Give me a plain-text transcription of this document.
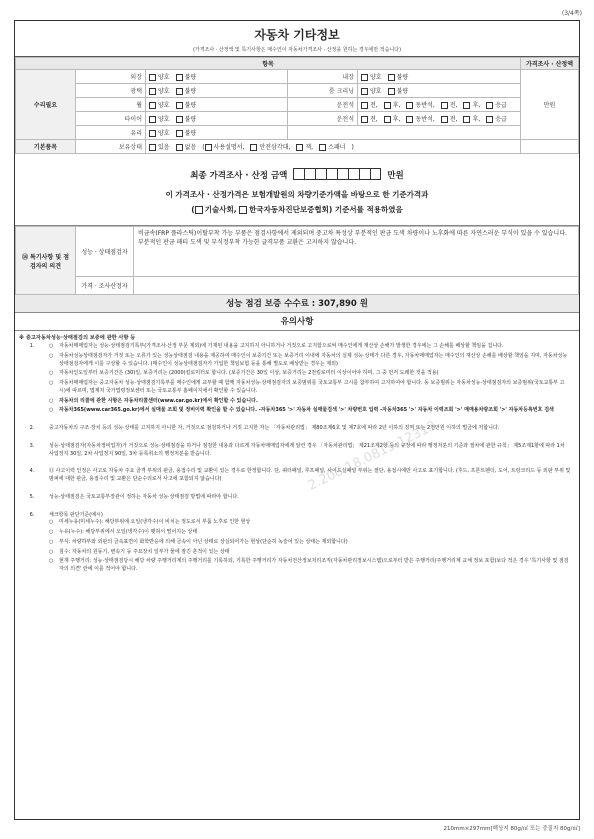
(3/4쪽)
자동차 기타정보
(가격조사 · 산정액 및 특기사항은 매수인이 자동차가격조사 · 산정을 원하는 경우에만 적습니다)
항목					가격조사 · 산정액
수리필요	외장	양호 불량	내장	양호 불량	만원
	광택	양호 불량	룸 크리닝	양호 불량	
	휠	양호 불량	운전석	전, 후, 동반석, 전, 후, 응급	
	타이어	양호 불량	운전석	전, 후, 동반석, 전, 후, 응급	
	유리	양호 불량			
기본품목	보유상태	있음 없음 ( 사용설명서, 안전삼각대, 잭, 스패너 )			
최종 가격조사 · 산정 금액	만원
이 가격조사 · 산정가격은 보험개발원의 차량기준가액을 바탕으로 한 기준가격과
( 기술사회, 한국자동차진단보증협회) 기준서를 적용하였음
⑭ 특기사항 및 점검자의 의견	성능 · 상태점검자	비금속(FRP 플라스틱)이탈부착 가능 부품은 점검사항에서 제외되며 중고차 특성상 부분적인 판금 도색 차량이나 노후화에 따른 자연스러운 부식이 있을 수 있습니다. 부분적인 판금 페티 도색 및 부식정부착 가능한 글격부품 교환은 고지하지 않습니다.
	가격 · 조사산정자	
성능 점검 보증 수수료 : 307,890 원
유의사항
※ 중고자동차성능·상태점검의 보증에 관한 사항 등
1.	○	자동차매매업자는 성능·상태점검기록부(가격조사·산정 부문 제외)에 기재된 내용을 고지하지 아니하거나 거짓으로 고지함으로써 매수인에게 재산상 손해가 발생한 경우에는 그 손해를 배상할 책임을 집니다.
○	자동차성능상태점검자가 거짓 또는 오류가 있는 성능상태점검 내용을 제공하여 매수인이 보증기간 또는 보증거리 이내에 자동차의 실제 성능·상태가 다른 경우, 자동차매매업자는 매수인의 재산상 손해를 배상할 책임을 지며, 자동차성능상태점검자에게 이를 구상할 수 있습니다. (매수인이 성능상태점검자가 가입한 책임보험 등을 통해 별도로 배상받는 경우는 제외)
○	자동차인도일부터 보증기간은 (30)일, 보증거리는 (2000)킬로미터로 합니다. (보증기간은 30일 이상, 보증거리는 2천킬로미터 이상이어야 하며, 그 중 먼저 도래한 것을 적용)
○	자동차매매업자는 중고자동차 성능·상태점검기록부를 매수인에게 교부할 때 함께 자동차성능·상태점검자의 보증범위를 국토교통부 고시를 참부하여 고지하여야 합니다. 동 보증범위는 자동차성능·상태점검자의 보증범위(국토교통부 고시)에 따르며, 법제처 국가법령정보센터 또는 국토교통부 홈페이지에서 확인할 수 있습니다.
○	자동차의 리콜에 관한 사항은 자동차리콜센터(www.car.go.kr)에서 확인할 수 있습니다.
○	자동차365(www.car365.go.kr)에서 실매물 조회 및 정비이력 확인을 할 수 있습니다. -자동차365 '>' 자동차 실매물검색 '>' 차량번호 입력 -자동차365 '>' 자동차 이력조회 '>' 매매용차량조회 '>' 자동차등록번호 검색
2.	중고자동차의 구조·장치 등의 성능·상태를 고지하지 아니한 자, 거짓으로 점검하거나 거짓 고지한 자는 「자동차관리법」 제80조제6호 및 제7호에 따라 2년 이하의 징역 또는 2천만원 이하의 벌금에 처합니다.
3.	성능·상태점검자(자동차정비업자)가 거짓으로 성능·상태점검을 하거나 점검한 내용과 다르게 자동차매매업자에게 알린 경우 「자동차관리법」 제21조제2항 등의 규정에 따라 행정처분의 기준과 절차에 관한 규칙」 제5조제1항에 따라 1차 사업정지 30일, 2차 사업정지 90일, 3차 등록취소의 행정처분을 받습니다.
4.	⑪ 사고이력 인정은 사고로 자동차 주요 골격 부위의 판금, 용접수리 및 교환이 있는 경우로 한정합니다. 단, 쿼터패널, 루프패널, 사이드실패널 부위는 절단, 용접시에만 사고로 표기합니다. (후드, 프론트펜더, 도어, 트렁크리드 등 외판 부위 및 범퍼에 대한 판금, 용접수리 및 교환은 단순수리로서 사고에 포함되지 않습니다)
5.	성능·상태점검은 국토교통부장관이 정하는 자동차 성능·상태점검 방법에 따라야 합니다.
6.	체크항목 판단기준(예시)
○	미세누유(미세누수): 해당부위에 오일(냉각수)이 비치는 정도로서 부품 노후로 인한 현상
○	누유(누수): 해당부위에서 오일(냉각수)이 맺혀서 떨어지는 상태
○	부식: 차량하부와 외판의 금속표면이 화학반응에 의해 금속이 아닌 상태로 상실되어가는 현상(단순히 녹슬어 있는 상태는 제외합니다)
○	침수: 자동차의 원동기, 변속기 등 주요장치 일부가 물에 잠긴 흔적이 있는 상태
○	현재 주행거리: 성능·상태점검당시 해당 차량 주행거리계의 주행거리를 기록하되, 기록한 주행거리가 자동차전산정보처리조직(자동차관리정보시스템)으로부터 받은 주행거리(주행거리계 교체 정보 포함)보다 적은 경우 '특기사항 및 점검자의 의견' 란에 이를 적어야 합니다.
2.208.18.0819.12313
210mm×297mm[백상지 80g/㎡ 또는 중질지 80g/㎡]
